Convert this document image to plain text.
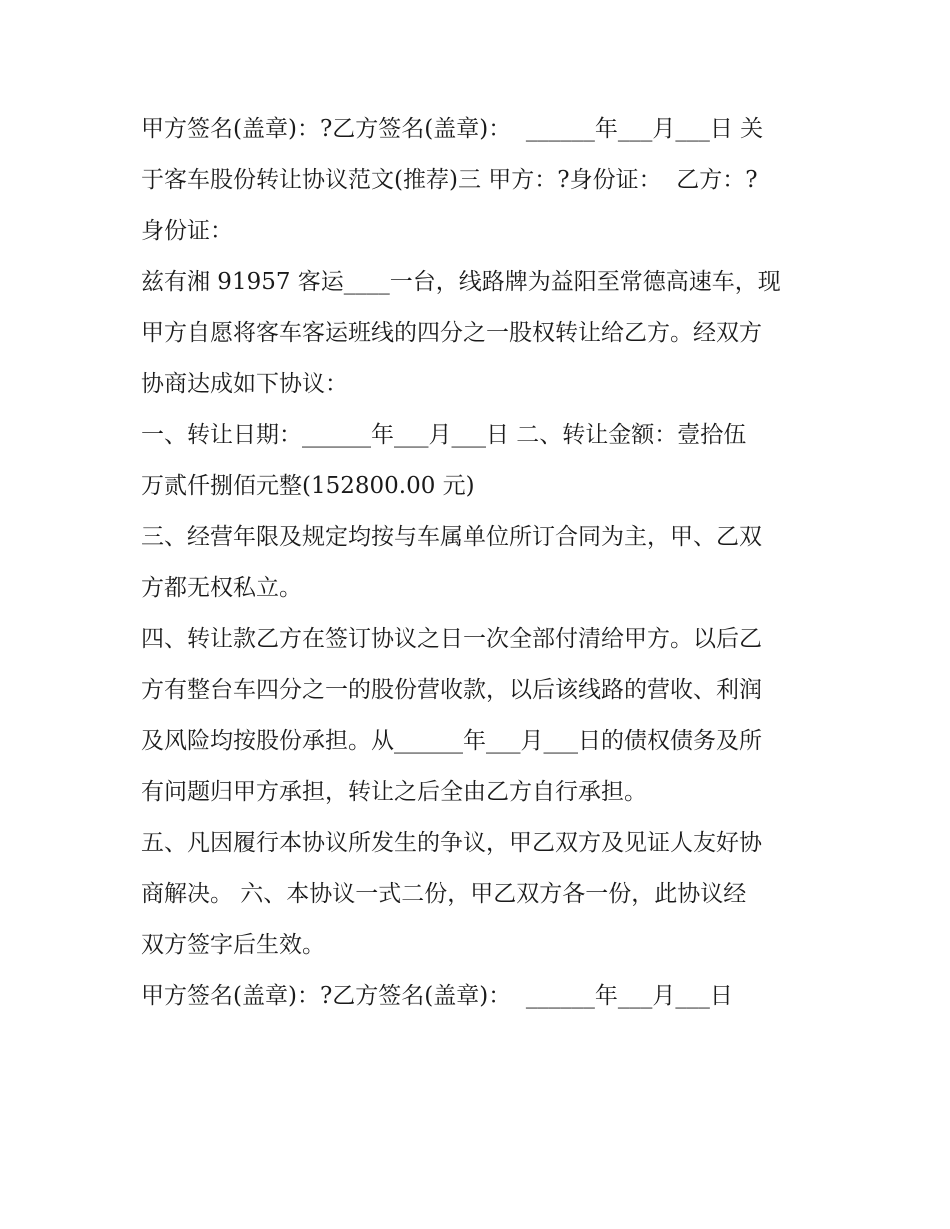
甲方签名(盖章)：?乙方签名(盖章)：  ______年___月___日 关
于客车股份转让协议范文(推荐)三 甲方：?身份证：  乙方：?
身份证：
兹有湘 91957 客运____一台，线路牌为益阳至常德高速车，现
甲方自愿将客车客运班线的四分之一股权转让给乙方。经双方
协商达成如下协议：
一、转让日期：______年___月___日 二、转让金额：壹拾伍
万贰仟捌佰元整(152800.00 元)
三、经营年限及规定均按与车属单位所订合同为主，甲、乙双
方都无权私立。
四、转让款乙方在签订协议之日一次全部付清给甲方。以后乙
方有整台车四分之一的股份营收款，以后该线路的营收、利润
及风险均按股份承担。从______年___月___日的债权债务及所
有问题归甲方承担，转让之后全由乙方自行承担。
五、凡因履行本协议所发生的争议，甲乙双方及见证人友好协
商解决。 六、本协议一式二份，甲乙双方各一份，此协议经
双方签字后生效。
甲方签名(盖章)：?乙方签名(盖章)：  ______年___月___日
